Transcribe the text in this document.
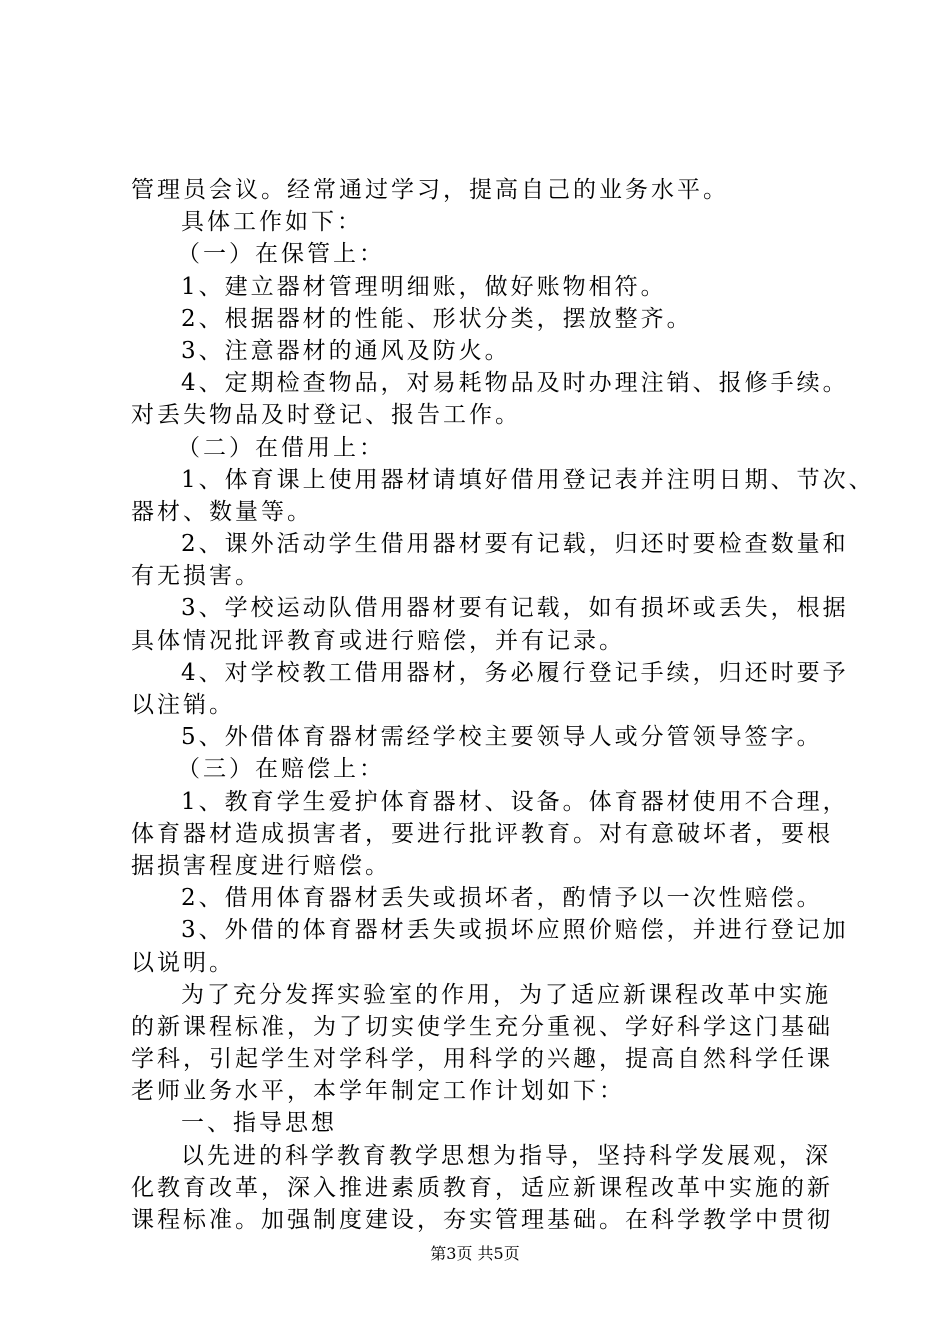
管理员会议。经常通过学习，提高自己的业务水平。
具体工作如下：
（一）在保管上：
1、建立器材管理明细账，做好账物相符。
2、根据器材的性能、形状分类，摆放整齐。
3、注意器材的通风及防火。
4、定期检查物品，对易耗物品及时办理注销、报修手续。
对丢失物品及时登记、报告工作。
（二）在借用上：
1、体育课上使用器材请填好借用登记表并注明日期、节次、
器材、数量等。
2、课外活动学生借用器材要有记载，归还时要检查数量和
有无损害。
3、学校运动队借用器材要有记载，如有损坏或丢失，根据
具体情况批评教育或进行赔偿，并有记录。
4、对学校教工借用器材，务必履行登记手续，归还时要予
以注销。
5、外借体育器材需经学校主要领导人或分管领导签字。
（三）在赔偿上：
1、教育学生爱护体育器材、设备。体育器材使用不合理，
体育器材造成损害者，要进行批评教育。对有意破坏者，要根
据损害程度进行赔偿。
2、借用体育器材丢失或损坏者，酌情予以一次性赔偿。
3、外借的体育器材丢失或损坏应照价赔偿，并进行登记加
以说明。
为了充分发挥实验室的作用，为了适应新课程改革中实施
的新课程标准，为了切实使学生充分重视、学好科学这门基础
学科，引起学生对学科学，用科学的兴趣，提高自然科学任课
老师业务水平，本学年制定工作计划如下：
一、指导思想
以先进的科学教育教学思想为指导，坚持科学发展观，深
化教育改革，深入推进素质教育，适应新课程改革中实施的新
课程标准。加强制度建设，夯实管理基础。在科学教学中贯彻
第3页 共5页
